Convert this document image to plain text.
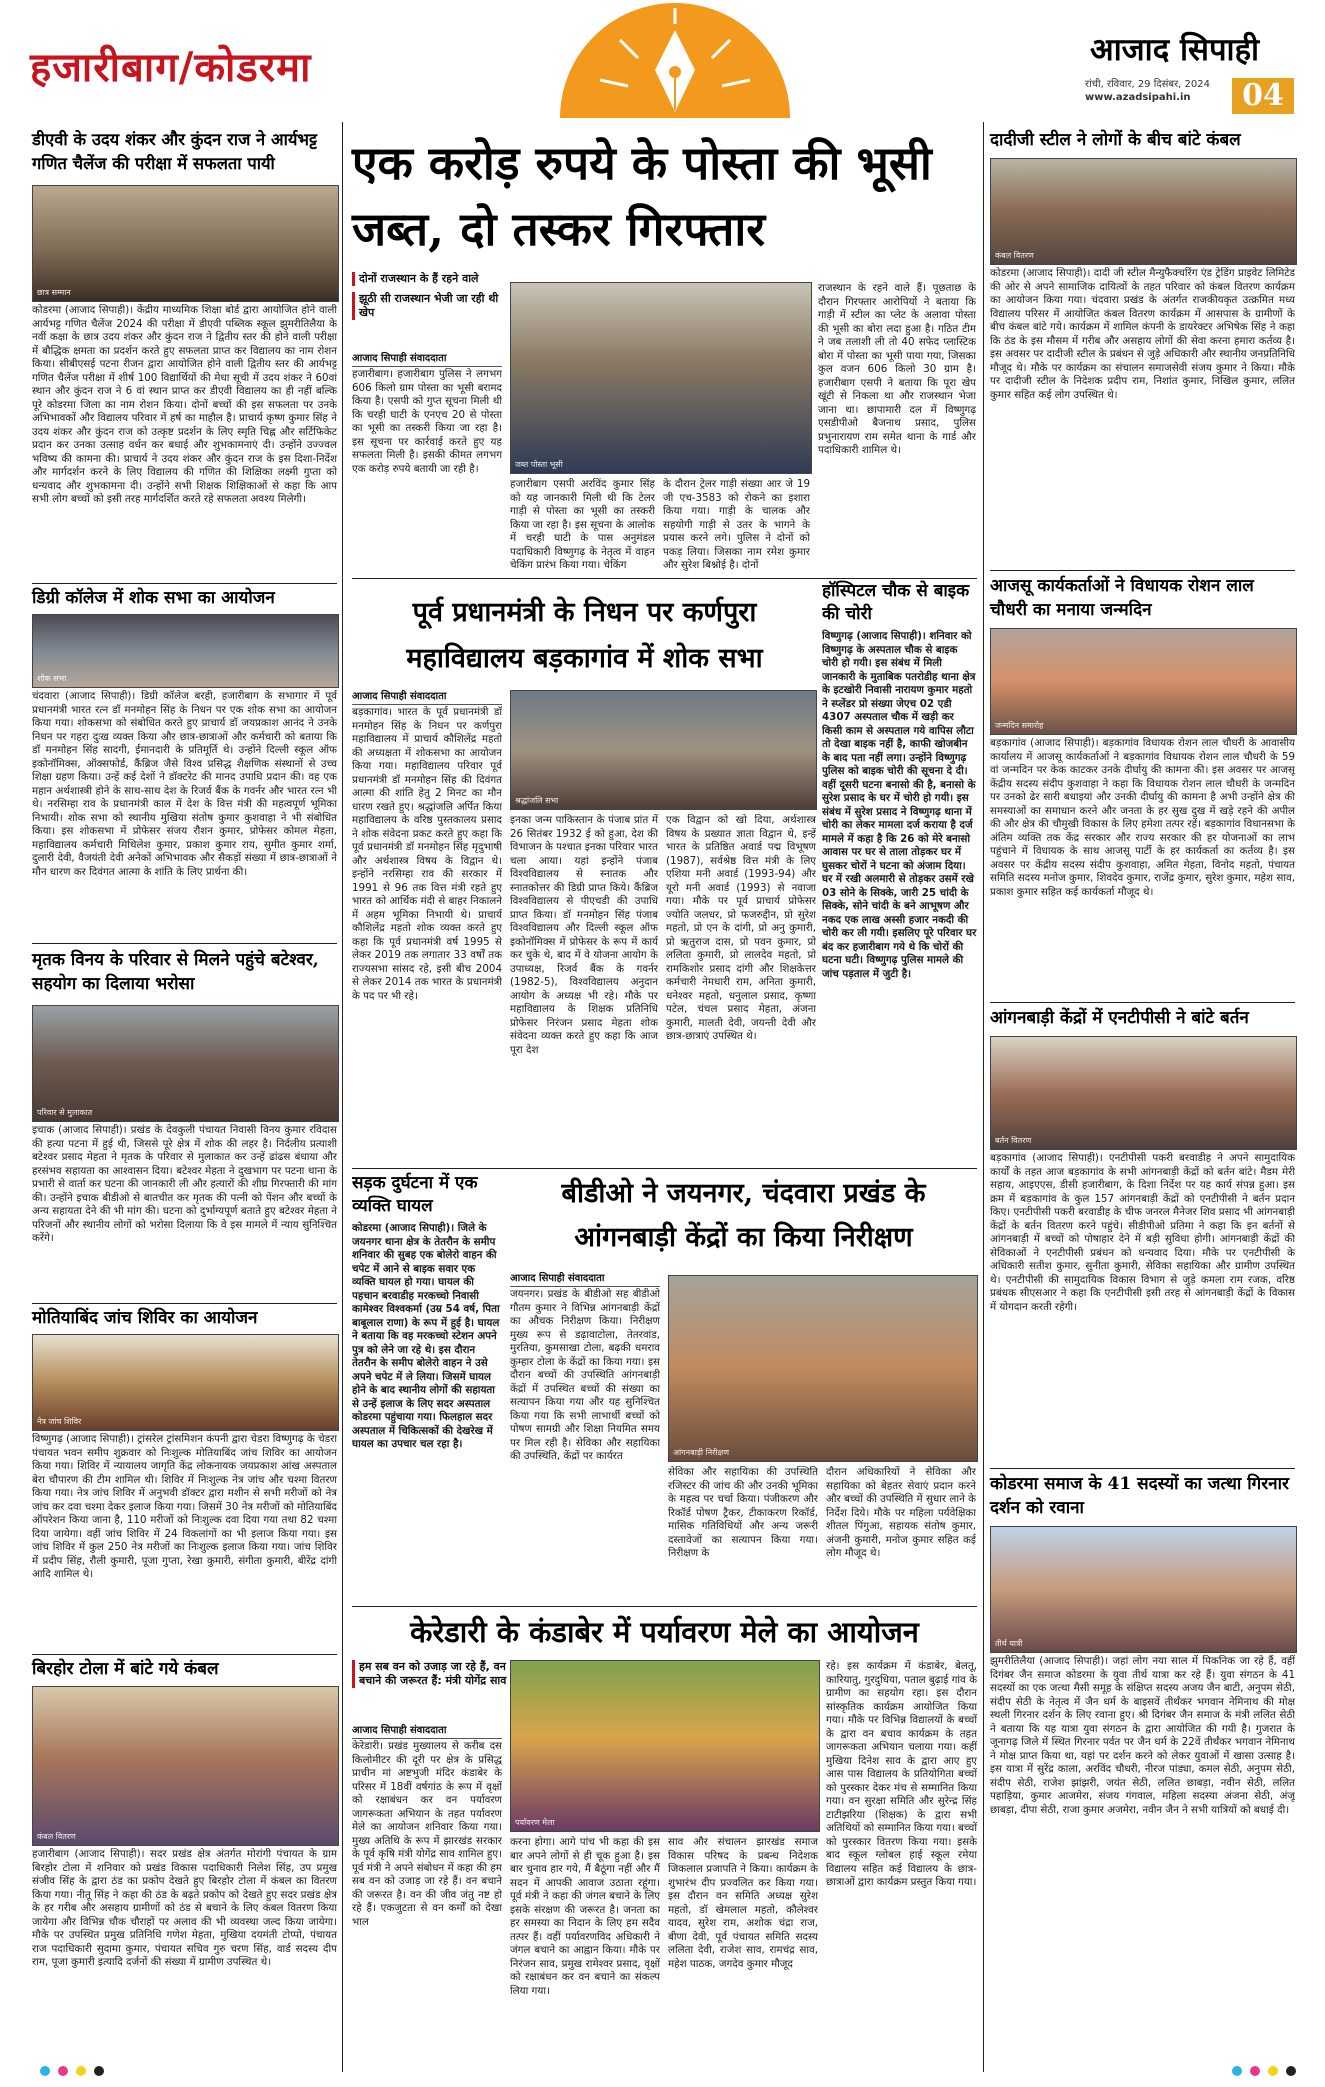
हजारीबाग/कोडरमा	आजाद सिपाही
रांची, रविवार, 29 दिसंबर, 2024
www.azadsipahi.in	04
डीएवी के उदय शंकर और कुंदन राज ने आर्यभट्ट गणित चैलेंज की परीक्षा में सफलता पायी
छात्र सम्मान
कोडरमा (आजाद सिपाही)। केंद्रीय माध्यमिक शिक्षा बोर्ड द्वारा आयोजित होने वाली आर्यभट्ट गणित चैलेंज 2024 की परीक्षा में डीएवी पब्लिक स्कूल झुमरीतिलैया के नवीं कक्षा के छात्र उदय शंकर और कुंदन राज ने द्वितीय स्तर की होने वाली परीक्षा में बौद्धिक क्षमता का प्रदर्शन करते हुए सफलता प्राप्त कर विद्यालय का नाम रोशन किया। सीबीएसई पटना रीजन द्वारा आयोजित होने वाली द्वितीय स्तर की आर्यभट्ट गणित चैलेंज परीक्षा में शीर्ष 100 विद्यार्थियों की मेधा सूची में उदय शंकर ने 60वां स्थान और कुंदन राज ने 6 वां स्थान प्राप्त कर डीएवी विद्यालय का ही नहीं बल्कि पूरे कोडरमा जिला का नाम रोशन किया। दोनों बच्चों की इस सफलता पर उनके अभिभावकों और विद्यालय परिवार में हर्ष का माहौल है। प्राचार्य कृष्ण कुमार सिंह ने उदय शंकर और कुंदन राज को उत्कृष्ट प्रदर्शन के लिए स्मृति चिह्न और सर्टिफिकेट प्रदान कर उनका उत्साह वर्धन कर बधाई और शुभकामनाएं दी। उन्होंने उज्ज्वल भविष्य की कामना की। प्राचार्य ने उदय शंकर और कुंदन राज के इस दिशा-निर्देश और मार्गदर्शन करने के लिए विद्यालय की गणित की शिक्षिका लक्ष्मी गुप्ता को धन्यवाद और शुभकामना दी। उन्होंने सभी शिक्षक शिक्षिकाओं से कहा कि आप सभी लोग बच्चों को इसी तरह मार्गदर्शित करते रहे सफलता अवश्य मिलेगी।
डिग्री कॉलेज में शोक सभा का आयोजन
शोक सभा
चंदवारा (आजाद सिपाही)। डिग्री कॉलेज बरही, हजारीबाग के सभागार में पूर्व प्रधानमंत्री भारत रत्न डॉ मनमोहन सिंह के निधन पर एक शोक सभा का आयोजन किया गया। शोकसभा को संबोधित करते हुए प्राचार्य डॉ जयप्रकाश आनंद ने उनके निधन पर गहरा दुःख व्यक्त किया और छात्र-छात्राओं और कर्मचारी को बताया कि डॉ मनमोहन सिंह सादगी, ईमानदारी के प्रतिमूर्ति थे। उन्होंने दिल्ली स्कूल ऑफ इकोनॉमिक्स, ऑक्सफोर्ड, कैंब्रिज जैसे विश्व प्रसिद्ध शैक्षणिक संस्थानों से उच्च शिक्षा ग्रहण किया। उन्हें कई देशों ने डॉक्टरेट की मानद उपाधि प्रदान की। वह एक महान अर्थशास्त्री होने के साथ-साथ देश के रिजर्व बैंक के गवर्नर और भारत रत्न भी थे। नरसिम्हा राव के प्रधानमंत्री काल में देश के वित्त मंत्री की महत्वपूर्ण भूमिका निभायी। शोक सभा को स्थानीय मुखिया संतोष कुमार कुशवाहा ने भी संबोधित किया। इस शोकसभा में प्रोफेसर संजय रौशन कुमार, प्रोफेसर कोमल मेहता, महाविद्यालय कर्मचारी मिथिलेश कुमार, प्रकाश कुमार राय, सुमीत कुमार शर्मा, दुलारी देवी, वैजयंती देवी अनेकों अभिभावक और सैकड़ों संख्या में छात्र-छात्राओं ने मौन धारण कर दिवंगत आत्मा के शांति के लिए प्रार्थना की।
मृतक विनय के परिवार से मिलने पहुंचे बटेश्वर, सहयोग का दिलाया भरोसा
परिवार से मुलाकात
इचाक (आजाद सिपाही)। प्रखंड के देवकुली पंचायत निवासी विनय कुमार रविदास की हत्या पटना में हुई थी, जिससे पूरे क्षेत्र में शोक की लहर है। निर्दलीय प्रत्याशी बटेश्वर प्रसाद मेहता ने मृतक के परिवार से मुलाकात कर उन्हें ढांढस बंधाया और हरसंभव सहायता का आश्वासन दिया। बटेश्वर मेहता ने दुखभाग पर पटना थाना के प्रभारी से वार्ता कर घटना की जानकारी ली और हत्यारों की शीघ्र गिरफ्तारी की मांग की। उन्होंने इचाक बीडीओ से बातचीत कर मृतक की पत्नी को पेंशन और बच्चों के अन्य सहायता देने की भी मांग की। घटना को दुर्भाग्यपूर्ण बताते हुए बटेश्वर मेहता ने परिजनों और स्थानीय लोगों को भरोसा दिलाया कि वे इस मामले में न्याय सुनिश्चित करेंगे।
मोतियाबिंद जांच शिविर का आयोजन
नेत्र जांच शिविर
विष्णुगढ़ (आजाद सिपाही)। ट्रांसरेल ट्रांसमिशन कंपनी द्वारा चेडरा विष्णुगढ़ के चेडरा पंचायत भवन समीप शुक्रवार को निःशुल्क मोतियाबिंद जांच शिविर का आयोजन किया गया। शिविर में न्यायालय जागृति केंद्र लोकनायक जयप्रकाश आंख अस्पताल बेरा चौपारण की टीम शामिल थी। शिविर में निःशुल्क नेत्र जांच और चश्मा वितरण किया गया। नेत्र जांच शिविर में अनुभवी डॉक्टर द्वारा मशीन से सभी मरीजों को नेत्र जांच कर दवा चश्मा देकर इलाज किया गया। जिसमें 30 नेत्र मरीजों को मोतियाबिंद ऑपरेशन किया जाना है, 110 मरीजों को निःशुल्क दवा दिया गया तथा 82 चश्मा दिया जायेगा। वहीं जांच शिविर में 24 विकलांगों का भी इलाज किया गया। इस जांच शिविर में कुल 250 नेत्र मरीजों का निःशुल्क इलाज किया गया। जांच शिविर में प्रदीप सिंह, रौली कुमारी, पूजा गुप्ता, रेखा कुमारी, संगीता कुमारी, बीरेंद्र दांगी आदि शामिल थे।
बिरहोर टोला में बांटे गये कंबल
कंबल वितरण
हजारीबाग (आजाद सिपाही)। सदर प्रखंड क्षेत्र अंतर्गत मोरांगी पंचायत के ग्राम बिरहोर टोला में शनिवार को प्रखंड विकास पदाधिकारी निलेश सिंह, उप प्रमुख संजीव सिंह के द्वारा ठंड का प्रकोप देखते हुए बिरहोर टोला में कंबल का वितरण किया गया। नीतू सिंह ने कहा की ठंड के बढ़ते प्रकोप को देखते हुए सदर प्रखंड क्षेत्र के हर गरीब और असहाय ग्रामीणों को ठंड से बचाने के लिए कंबल वितरण किया जायेगा और विभिन्न चौक चौराहों पर अलाव की भी व्यवस्था जल्द किया जायेगा। मौके पर उपस्थित प्रमुख प्रतिनिधि गणेश मेहता, मुखिया दयमंती टोप्पो, पंचायत राज पदाधिकारी सुदामा कुमार, पंचायत सचिव गुरु चरण सिंह, वार्ड सदस्य दीप राम, पूजा कुमारी इत्यादि दर्जनों की संख्या में ग्रामीण उपस्थित थे।
एक करोड़ रुपये के पोस्ता की भूसी जब्त, दो तस्कर गिरफ्तार
दोनों राजस्थान के हैं रहने वाले
झूठी सी राजस्थान भेजी जा रही थी खेप
आजाद सिपाही संवाददाता
हजारीबाग। हजारीबाग पुलिस ने लगभग 606 किलो ग्राम पोस्ता का भूसी बरामद किया है। एसपी को गुप्त सूचना मिली थी कि चरही घाटी के एनएच 20 से पोस्ता का भूसी का तस्करी किया जा रहा है। इस सूचना पर कार्रवाई करते हुए यह सफलता मिली है। इसकी कीमत लगभग एक करोड़ रुपये बतायी जा रही है।	जब्त पोस्ता भूसी
हजारीबाग एसपी अरविंद कुमार सिंह को यह जानकारी मिली थी कि टेलर गाड़ी से पोस्ता का भूसी का तस्करी किया जा रहा है। इस सूचना के आलोक में चरही घाटी के पास अनुमंडल पदाधिकारी विष्णुगढ़ के नेतृत्व में वाहन चेकिंग प्रारंभ किया गया। चेकिंग
के दौरान ट्रेलर गाड़ी संख्या आर जे 19 जी एच-3583 को रोकने का इशारा किया गया। गाड़ी के चालक और सहयोगी गाड़ी से उतर के भागने के प्रयास करने लगे। पुलिस ने दोनों को पकड़ लिया। जिसका नाम रमेश कुमार और सुरेश बिश्नोई है। दोनों
राजस्थान के रहने वाले हैं। पूछताछ के दौरान गिरफ्तार आरोपियों ने बताया कि गाड़ी में स्टील का प्लेट के अलावा पोस्ता की भूसी का बोरा लदा हुआ है। गठित टीम ने जब तलाशी ली तो 40 सफेद प्लास्टिक बोरा में पोस्ता का भूसी पाया गया, जिसका कुल वजन 606 किलो 30 ग्राम है। हजारीबाग एसपी ने बताया कि पूरा खेप खूंटी से निकला था और राजस्थान भेजा जाना था। छापामारी दल में विष्णुगढ़ एसडीपीओ बैजनाथ प्रसाद, पुलिस प्रभुनारायण राम समेत थाना के गार्ड और पदाधिकारी शामिल थे।
पूर्व प्रधानमंत्री के निधन पर कर्णपुरा महाविद्यालय बड़कागांव में शोक सभा
आजाद सिपाही संवाददाता
बड़कागांव। भारत के पूर्व प्रधानमंत्री डॉ मनमोहन सिंह के निधन पर कर्णपुरा महाविद्यालय में प्राचार्य कौशिलेंद्र महतो की अध्यक्षता में शोकसभा का आयोजन किया गया। महाविद्यालय परिवार पूर्व प्रधानमंत्री डॉ मनमोहन सिंह की दिवंगत आत्मा की शांति हेतु 2 मिनट का मौन धारण रखते हुए। श्रद्धांजलि अर्पित किया महाविद्यालय के वरिष्ठ पुस्तकालय प्रसाद ने शोक संवेदना प्रकट करते हुए कहा कि पूर्व प्रधानमंत्री डॉ मनमोहन सिंह मृदुभाषी और अर्थशास्त्र विषय के विद्वान थे। इन्होंने नरसिम्हा राव की सरकार में 1991 से 96 तक वित्त मंत्री रहते हुए भारत को आर्थिक मंदी से बाहर निकालने में अहम भूमिका निभायी थे। प्राचार्य कौशिलेंद्र महतो शोक व्यक्त करते हुए कहा कि पूर्व प्रधानमंत्री वर्ष 1995 से लेकर 2019 तक लगातार 33 वर्षों तक राज्यसभा सांसद रहे, इसी बीच 2004 से लेकर 2014 तक भारत के प्रधानमंत्री के पद पर भी रहे।
श्रद्धांजलि सभा
इनका जन्म पाकिस्तान के पंजाब प्रांत में 26 सितंबर 1932 ई को हुआ, देश की विभाजन के पश्चात इनका परिवार भारत चला आया। यहां इन्होंने पंजाब विश्वविद्यालय से स्नातक और स्नातकोत्तर की डिग्री प्राप्त किये। कैंब्रिज विश्वविद्यालय से पीएचडी की उपाधि प्राप्त किया। डॉ मनमोहन सिंह पंजाब विश्वविद्यालय और दिल्ली स्कूल ऑफ इकोनॉमिक्स में प्रोफेसर के रूप में कार्य कर चुके थे, बाद में वे योजना आयोग के उपाध्यक्ष, रिजर्व बैंक के गवर्नर (1982-5), विश्वविद्यालय अनुदान आयोग के अध्यक्ष भी रहे। मौके पर महाविद्यालय के शिक्षक प्रतिनिधि प्रोफेसर निरंजन प्रसाद मेहता शोक संवेदना व्यक्त करते हुए कहा कि आज पूरा देश
एक विद्वान को खो दिया, अर्थशास्त्र विषय के प्रख्यात ज्ञाता विद्वान थे, इन्हें भारत के प्रतिष्ठित अवार्ड पद्म विभूषण (1987), सर्वश्रेष्ठ वित्त मंत्री के लिए एशिया मनी अवार्ड (1993-94) और यूरो मनी अवार्ड (1993) से नवाजा गया। मौके पर पूर्व प्राचार्य प्रोफेसर ज्योति जलधर, प्रो फजरुद्दीन, प्रो सुरेश महतो, प्रो एन के दांगी, प्रो अनु कुमारी, प्रो ऋतुराज दास, प्रो पवन कुमार, प्रो ललिता कुमारी, प्रो लालदेव महतो, प्रो रामकिशोर प्रसाद दांगी और शिक्षकेत्तर कर्मचारी नेमधारी राम, अनिता कुमारी, धनेश्वर महतो, धनुलाल प्रसाद, कृष्णा पटेल, चंचल प्रसाद मेहता, अंजना कुमारी, मालती देवी, जयन्ती देवी और छात्र-छात्राएं उपस्थित थे।
हॉस्पिटल चौक से बाइक की चोरी
विष्णुगढ़ (आजाद सिपाही)। शनिवार को विष्णुगढ़ के अस्पताल चौक से बाइक चोरी हो गयी। इस संबंध में मिली जानकारी के मुताबिक पतरोडीह थाना क्षेत्र के इटखोरी निवासी नारायण कुमार महतो ने स्प्लेंडर प्रो संख्या जेएच 02 एडी 4307 अस्पताल चौक में खड़ी कर किसी काम से अस्पताल गये वापिस लौटा तो देखा बाइक नहीं है, काफी खोजबीन के बाद पता नहीं लगा। उन्होंने विष्णुगढ़ पुलिस को बाइक चोरी की सूचना दे दी। वहीं दूसरी घटना बनासो की है, बनासो के सुरेश प्रसाद के घर में चोरी हो गयी। इस संबंध में सुरेश प्रसाद ने विष्णुगढ़ थाना में चोरी का लेकर मामला दर्ज कराया है दर्ज मामले में कहा है कि 26 को मेरे बनासो आवास पर घर से ताला तोड़कर घर में घुसकर चोरों ने घटना को अंजाम दिया। घर में रखी अलमारी से तोड़कर उसमें रखे 03 सोने के सिक्के, जारी 25 चांदी के सिक्के, सोने चांदी के बने आभूषण और नकद एक लाख अस्सी हजार नकदी की चोरी कर ली गयी। इसलिए पूरे परिवार घर बंद कर हजारीबाग गये थे कि चोरों की घटना घटी। विष्णुगढ़ पुलिस मामले की जांच पड़ताल में जुटी है।
सड़क दुर्घटना में एक व्यक्ति घायल
कोडरमा (आजाद सिपाही)। जिले के जयनगर थाना क्षेत्र के तेतरौन के समीप शनिवार की सुबह एक बोलेरो वाहन की चपेट में आने से बाइक सवार एक व्यक्ति घायल हो गया। घायल की पहचान बरवाडीह मरकच्चो निवासी कामेश्वर विश्वकर्मा (उम्र 54 वर्ष, पिता बाबूलाल राणा) के रूप में हुई है। घायल ने बताया कि वह मरकच्चो स्टेशन अपने पुत्र को लेने जा रहे थे। इस दौरान तेतरौन के समीप बोलेरो वाहन ने उसे अपने चपेट में ले लिया। जिसमें घायल होने के बाद स्थानीय लोगों की सहायता से उन्हें इलाज के लिए सदर अस्पताल कोडरमा पहुंचाया गया। फिलहाल सदर अस्पताल में चिकित्सकों की देखरेख में घायल का उपचार चल रहा है।
बीडीओ ने जयनगर, चंदवारा प्रखंड के आंगनबाड़ी केंद्रों का किया निरीक्षण
आजाद सिपाही संवाददाता
जयनगर। प्रखंड के बीडीओ सह बीडीओ गौतम कुमार ने विभिन्न आंगनबाड़ी केंद्रों का औचक निरीक्षण किया। निरीक्षण मुख्य रूप से डढ़ावाटोला, तेतरवांड, मुरतिया, कुमसाखा टोला, बढ़की धमराव कुम्हार टोला के केंद्रों का किया गया। इस दौरान बच्चों की उपस्थिति आंगनबाड़ी केंद्रों में उपस्थित बच्चों की संख्या का सत्यापन किया गया और यह सुनिश्चित किया गया कि सभी लाभार्थी बच्चों को पोषण सामग्री और शिक्षा नियमित समय पर मिल रही है। सेविका और सहायिका की उपस्थिति, केंद्रों पर कार्यरत	आंगनबाड़ी निरीक्षण
सेविका और सहायिका की उपस्थिति रजिस्टर की जांच की और उनकी भूमिका के महत्व पर चर्चा किया। पंजीकरण और रिकॉर्ड पोषण ट्रैकर, टीकाकरण रिकॉर्ड, मासिक गतिविधियों और अन्य जरूरी दस्तावेजों का सत्यापन किया गया। निरीक्षण के
दौरान अधिकारियों ने सेविका और सहायिका को बेहतर सेवाएं प्रदान करने और बच्चों की उपस्थिति में सुधार लाने के निर्देश दिये। मौके पर महिला पर्यवेक्षिका शीतल पिंगुआ, सहायक संतोष कुमार, अंजनी कुमारी, मनोज कुमार सहित कई लोग मौजूद थे।
केरेडारी के कंडाबेर में पर्यावरण मेले का आयोजन
हम सब वन को उजाड़ जा रहे हैं, वन बचाने की जरूरत हैं: मंत्री योगेंद्र साव
आजाद सिपाही संवाददाता
केरेडारी। प्रखंड मुख्यालय से करीब दस किलोमीटर की दूरी पर क्षेत्र के प्रसिद्ध प्राचीन मां अष्टभुजी मंदिर कंडाबेर के परिसर में 18वीं वर्षगांठ के रूप में वृक्षों को रक्षाबंधन कर वन पर्यावरण जागरूकता अभियान के तहत पर्यावरण मेले का आयोजन शनिवार किया गया। मुख्य अतिथि के रूप में झारखंड सरकार के पूर्व कृषि मंत्री योगेंद्र साव शामिल हुए। पूर्व मंत्री ने अपने संबोधन में कहा की हम सब वन को उजाड़ जा रहे हैं। वन बचाने की जरूरत है। वन की जीव जंतु नष्ट हो रहे हैं। एकजुटता से वन कर्मों को देखा भाल
पर्यावरण मेला
करना होगा। आगे पांच भी कहा की इस बार अपने लोगों से ही चूक हुआ है। इस बार चुनाव हार गये, मैं बैठूंगा नहीं और मैं सदन में आपकी आवाज उठाता रहूंगा। पूर्व मंत्री ने कहा की जंगल बचाने के लिए इसके संरक्षण की जरूरत है। जनता का हर समस्या का निदान के लिए हम सदैव तत्पर हैं। वहीं पर्यावरणविद अधिकारी ने जंगल बचाने का आह्वान किया। मौके पर निरंजन साव, प्रमुख रामेश्वर प्रसाद, वृक्षों को रक्षाबंधन कर वन बचाने का संकल्प लिया गया।
साव और संचालन झारखंड समाज विकास परिषद के प्रबन्ध निदेशक जिकलाल प्रजापति ने किया। कार्यक्रम के शुभारंभ दीप प्रज्वलित कर किया गया। इस दौरान वन समिति अध्यक्ष सुरेश महतो, डॉ खेमलाल महतो, कौलेश्वर यादव, सुरेश राम, अशोक चंद्रा राज, बीणा देवी, पूर्व पंचायत समिति सदस्य ललिता देवी, राजेश साव, रामचंद्र साव, महेश पाठक, जगदेव कुमार मौजूद
रहे। इस कार्यक्रम में कंडाबेर, बेलतू, कारियातु, गुरदुधिया, पताल बुढ़ाई गांव के ग्रामीण का सहयोग रहा। इस दौरान सांस्कृतिक कार्यक्रम आयोजित किया गया। मौके पर विभिन्न विद्यालयों के बच्चों के द्वारा वन बचाव कार्यक्रम के तहत जागरूकता अभियान चलाया गया। कहीं मुखिया दिनेश साव के द्वारा आए हुए आस पास विद्यालय के प्रतियोगिता बच्चों को पुरस्कार देकर मंच से सम्मानित किया गया। वन सुरक्षा समिति और सुरेन्द्र सिंह टाटीझरिया (शिक्षक) के द्वारा सभी अतिथियों को सम्मानित किया गया। बच्चों को पुरस्कार वितरण किया गया। इसके बाद स्कूल ग्लोबल हाई स्कूल रमेया विद्यालय सहित कई विद्यालय के छात्र-छात्राओं द्वारा कार्यक्रम प्रस्तुत किया गया।
दादीजी स्टील ने लोगों के बीच बांटे कंबल
कंबल वितरण
कोडरमा (आजाद सिपाही)। दादी जी स्टील मैन्युफैक्चरिंग एंड ट्रेडिंग प्राइवेट लिमिटेड की ओर से अपने सामाजिक दायित्वों के तहत परिवार को कंबल वितरण कार्यक्रम का आयोजन किया गया। चंदवारा प्रखंड के अंतर्गत राजकीयकृत उत्क्रमित मध्य विद्यालय परिसर में आयोजित कंबल वितरण कार्यक्रम में आसपास के ग्रामीणों के बीच कंबल बांटे गये। कार्यक्रम में शामिल कंपनी के डायरेक्टर अभिषेक सिंह ने कहा कि ठंड के इस मौसम में गरीब और असहाय लोगों की सेवा करना हमारा कर्तव्य है। इस अवसर पर दादीजी स्टील के प्रबंधन से जुड़े अधिकारी और स्थानीय जनप्रतिनिधि मौजूद थे। मौके पर कार्यक्रम का संचालन समाजसेवी संजय कुमार ने किया। मौके पर दादीजी स्टील के निदेशक प्रदीप राम, निशांत कुमार, निखिल कुमार, ललित कुमार सहित कई लोग उपस्थित थे।
आजसू कार्यकर्ताओं ने विधायक रोशन लाल चौधरी का मनाया जन्मदिन
जन्मदिन समारोह
बड़कागांव (आजाद सिपाही)। बड़कागांव विधायक रोशन लाल चौधरी के आवासीय कार्यालय में आजसू कार्यकर्ताओं ने बड़कागांव विधायक रोशन लाल चौधरी के 59 वां जन्मदिन पर केक काटकर उनके दीर्घायु की कामना की। इस अवसर पर आजसू केंद्रीय सदस्य संदीप कुशवाहा ने कहा कि विधायक रोशन लाल चौधरी के जन्मदिन पर उनको ढेर सारी बधाइयां और उनकी दीर्घायु की कामना है अभी उन्होंने क्षेत्र की समस्याओं का समाधान करने और जनता के हर सुख दुख में खड़े रहने की अपील की और क्षेत्र की चौमुखी विकास के लिए हमेशा तत्पर रहें। बड़कागांव विधानसभा के अंतिम व्यक्ति तक केंद्र सरकार और राज्य सरकार की हर योजनाओं का लाभ पहुंचाने में विधायक के साथ आजसू पार्टी के हर कार्यकर्ता का कर्तव्य है। इस अवसर पर केंद्रीय सदस्य संदीप कुशवाहा, अमित मेहता, विनोद महतो, पंचायत समिति सदस्य मनोज कुमार, शिवदेव कुमार, राजेंद्र कुमार, सुरेश कुमार, महेश साव, प्रकाश कुमार सहित कई कार्यकर्ता मौजूद थे।
आंगनबाड़ी केंद्रों में एनटीपीसी ने बांटे बर्तन
बर्तन वितरण
बड़कागांव (आजाद सिपाही)। एनटीपीसी पकरी बरवाडीह ने अपने सामुदायिक कार्यों के तहत आज बड़कागांव के सभी आंगनबाड़ी केंद्रों को बर्तन बांटे। मैडम मेरी सहाय, आइएएस, डीसी हजारीबाग, के दिशा निर्देश पर यह कार्य संपन्न हुआ। इस क्रम में बड़कागांव के कुल 157 आंगनबाड़ी केंद्रों को एनटीपीसी ने बर्तन प्रदान किए। एनटीपीसी पकरी बरवाडीह के चीफ जनरल मैनेजर शिव प्रसाद भी आंगनबाड़ी केंद्रों के बर्तन वितरण करने पहुंचे। सीडीपीओ प्रतिमा ने कहा कि इन बर्तनों से आंगनबाड़ी में बच्चों को पोषाहार देने में बड़ी सुविधा होगी। आंगनबाड़ी केंद्रों की सेविकाओं ने एनटीपीसी प्रबंधन को धन्यवाद दिया। मौके पर एनटीपीसी के अधिकारी सतीश कुमार, सुनीता कुमारी, सेविका सहायिका और ग्रामीण उपस्थित थे। एनटीपीसी की सामुदायिक विकास विभाग से जुड़े कमला राम रजक, वरिष्ठ प्रबंधक सीएसआर ने कहा कि एनटीपीसी इसी तरह से आंगनबाड़ी केंद्रों के विकास में योगदान करती रहेगी।
कोडरमा समाज के 41 सदस्यों का जत्था गिरनार दर्शन को रवाना
तीर्थ यात्री
झुमरीतिलैया (आजाद सिपाही)। जहां लोग नया साल में पिकनिक जा रहे हैं, वहीं दिगंबर जैन समाज कोडरमा के युवा तीर्थ यात्रा कर रहे हैं। युवा संगठन के 41 सदस्यों का एक जत्था मैसी समूह के संक्षिप्त सदस्य अजय जैन बाटी, अनुपम सेठी, संदीप सेठी के नेतृत्व में जैन धर्म के बाइसवें तीर्थंकर भगवान नेमिनाथ की मोक्ष स्थली गिरनार दर्शन के लिए रवाना हुए। श्री दिगंबर जैन समाज के मंत्री ललित सेठी ने बताया कि यह यात्रा युवा संगठन के द्वारा आयोजित की गयी है। गुजरात के जूनागढ़ जिले में स्थित गिरनार पर्वत पर जैन धर्म के 22वें तीर्थंकर भगवान नेमिनाथ ने मोक्ष प्राप्त किया था, यहां पर दर्शन करने को लेकर युवाओं में खासा उत्साह है। इस यात्रा में सुरेंद्र काला, अरविंद चौधरी, नीरज पांड्या, कमल सेठी, अनुपम सेठी, संदीप सेठी, राजेश झांझरी, जयंत सेठी, ललित छाबड़ा, नवीन सेठी, ललित पहाड़िया, कुमार आजमेरा, संजय गंगवाल, महिला सदस्या अंजना सेठी, अंजू छाबड़ा, दीपा सेठी, राजा कुमार अजमेरा, नवीन जैन ने सभी यात्रियों को बधाई दी।
